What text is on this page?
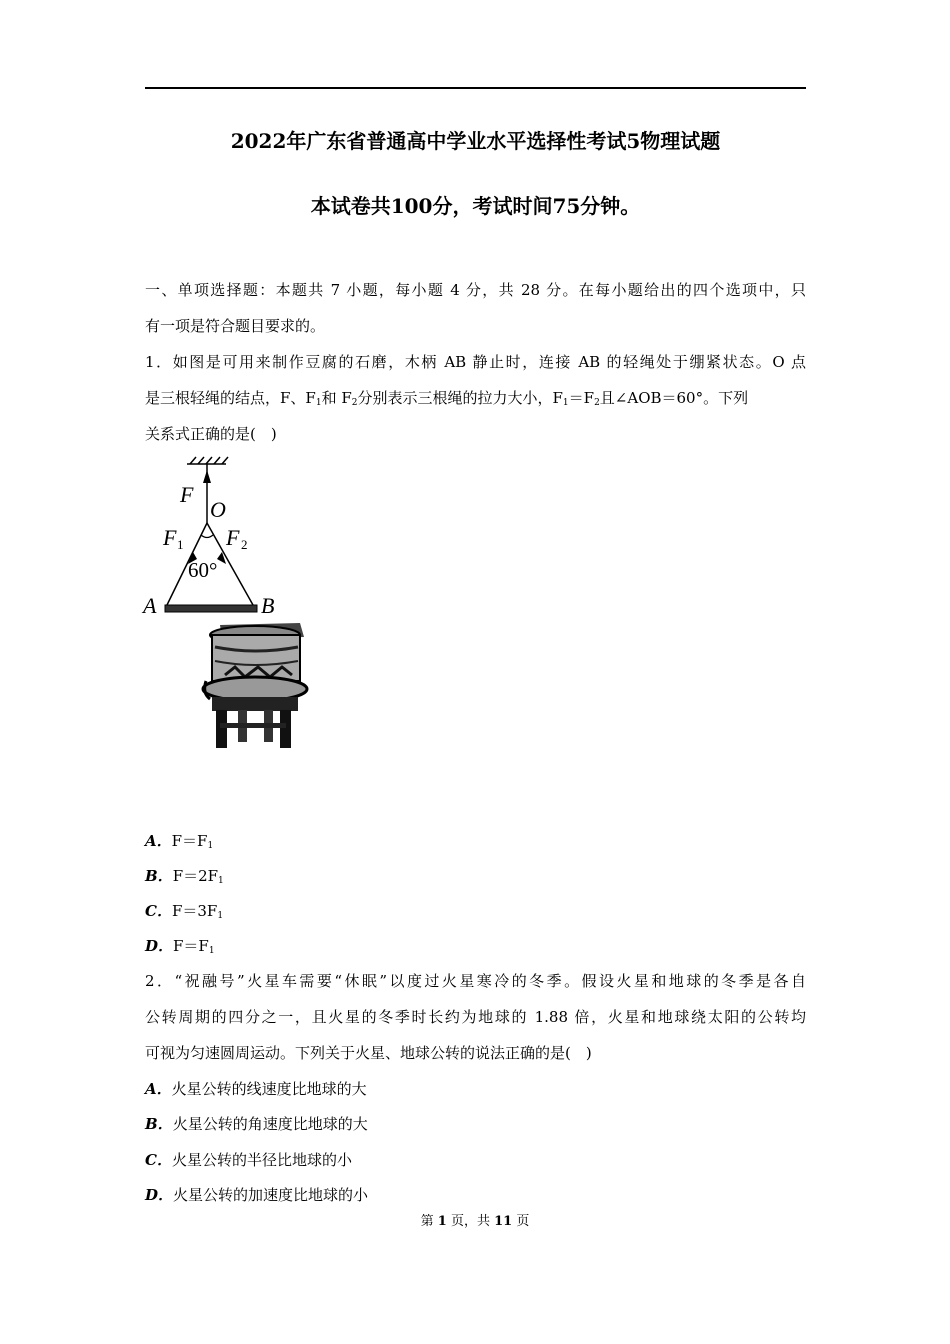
2022年广东省普通高中学业水平选择性考试5物理试题
本试卷共100分，考试时间75分钟。
一、单项选择题：本题共 7 小题，每小题 4 分，共 28 分。在每小题给出的四个选项中，只
有一项是符合题目要求的。
1．如图是可用来制作豆腐的石磨，木柄 AB 静止时，连接 AB 的轻绳处于绷紧状态。O 点
是三根轻绳的结点，F、$F_1$和 $F_2$分别表示三根绳的拉力大小，$F_1=F_2$且∠AOB＝60°。下列
关系式正确的是(　)
F
O
F 1 F 2
60°
A	B
A．$F=F_1$
B．$F=2F_1$
C．$F=3F_1$
D．$F=F_1$
2．“祝融号”火星车需要“休眠”以度过火星寒冷的冬季。假设火星和地球的冬季是各自
公转周期的四分之一，且火星的冬季时长约为地球的 1.88 倍，火星和地球绕太阳的公转均
可视为匀速圆周运动。下列关于火星、地球公转的说法正确的是(　)
A．火星公转的线速度比地球的大
B．火星公转的角速度比地球的大
C．火星公转的半径比地球的小
D．火星公转的加速度比地球的小
第 1 页，共 11 页
